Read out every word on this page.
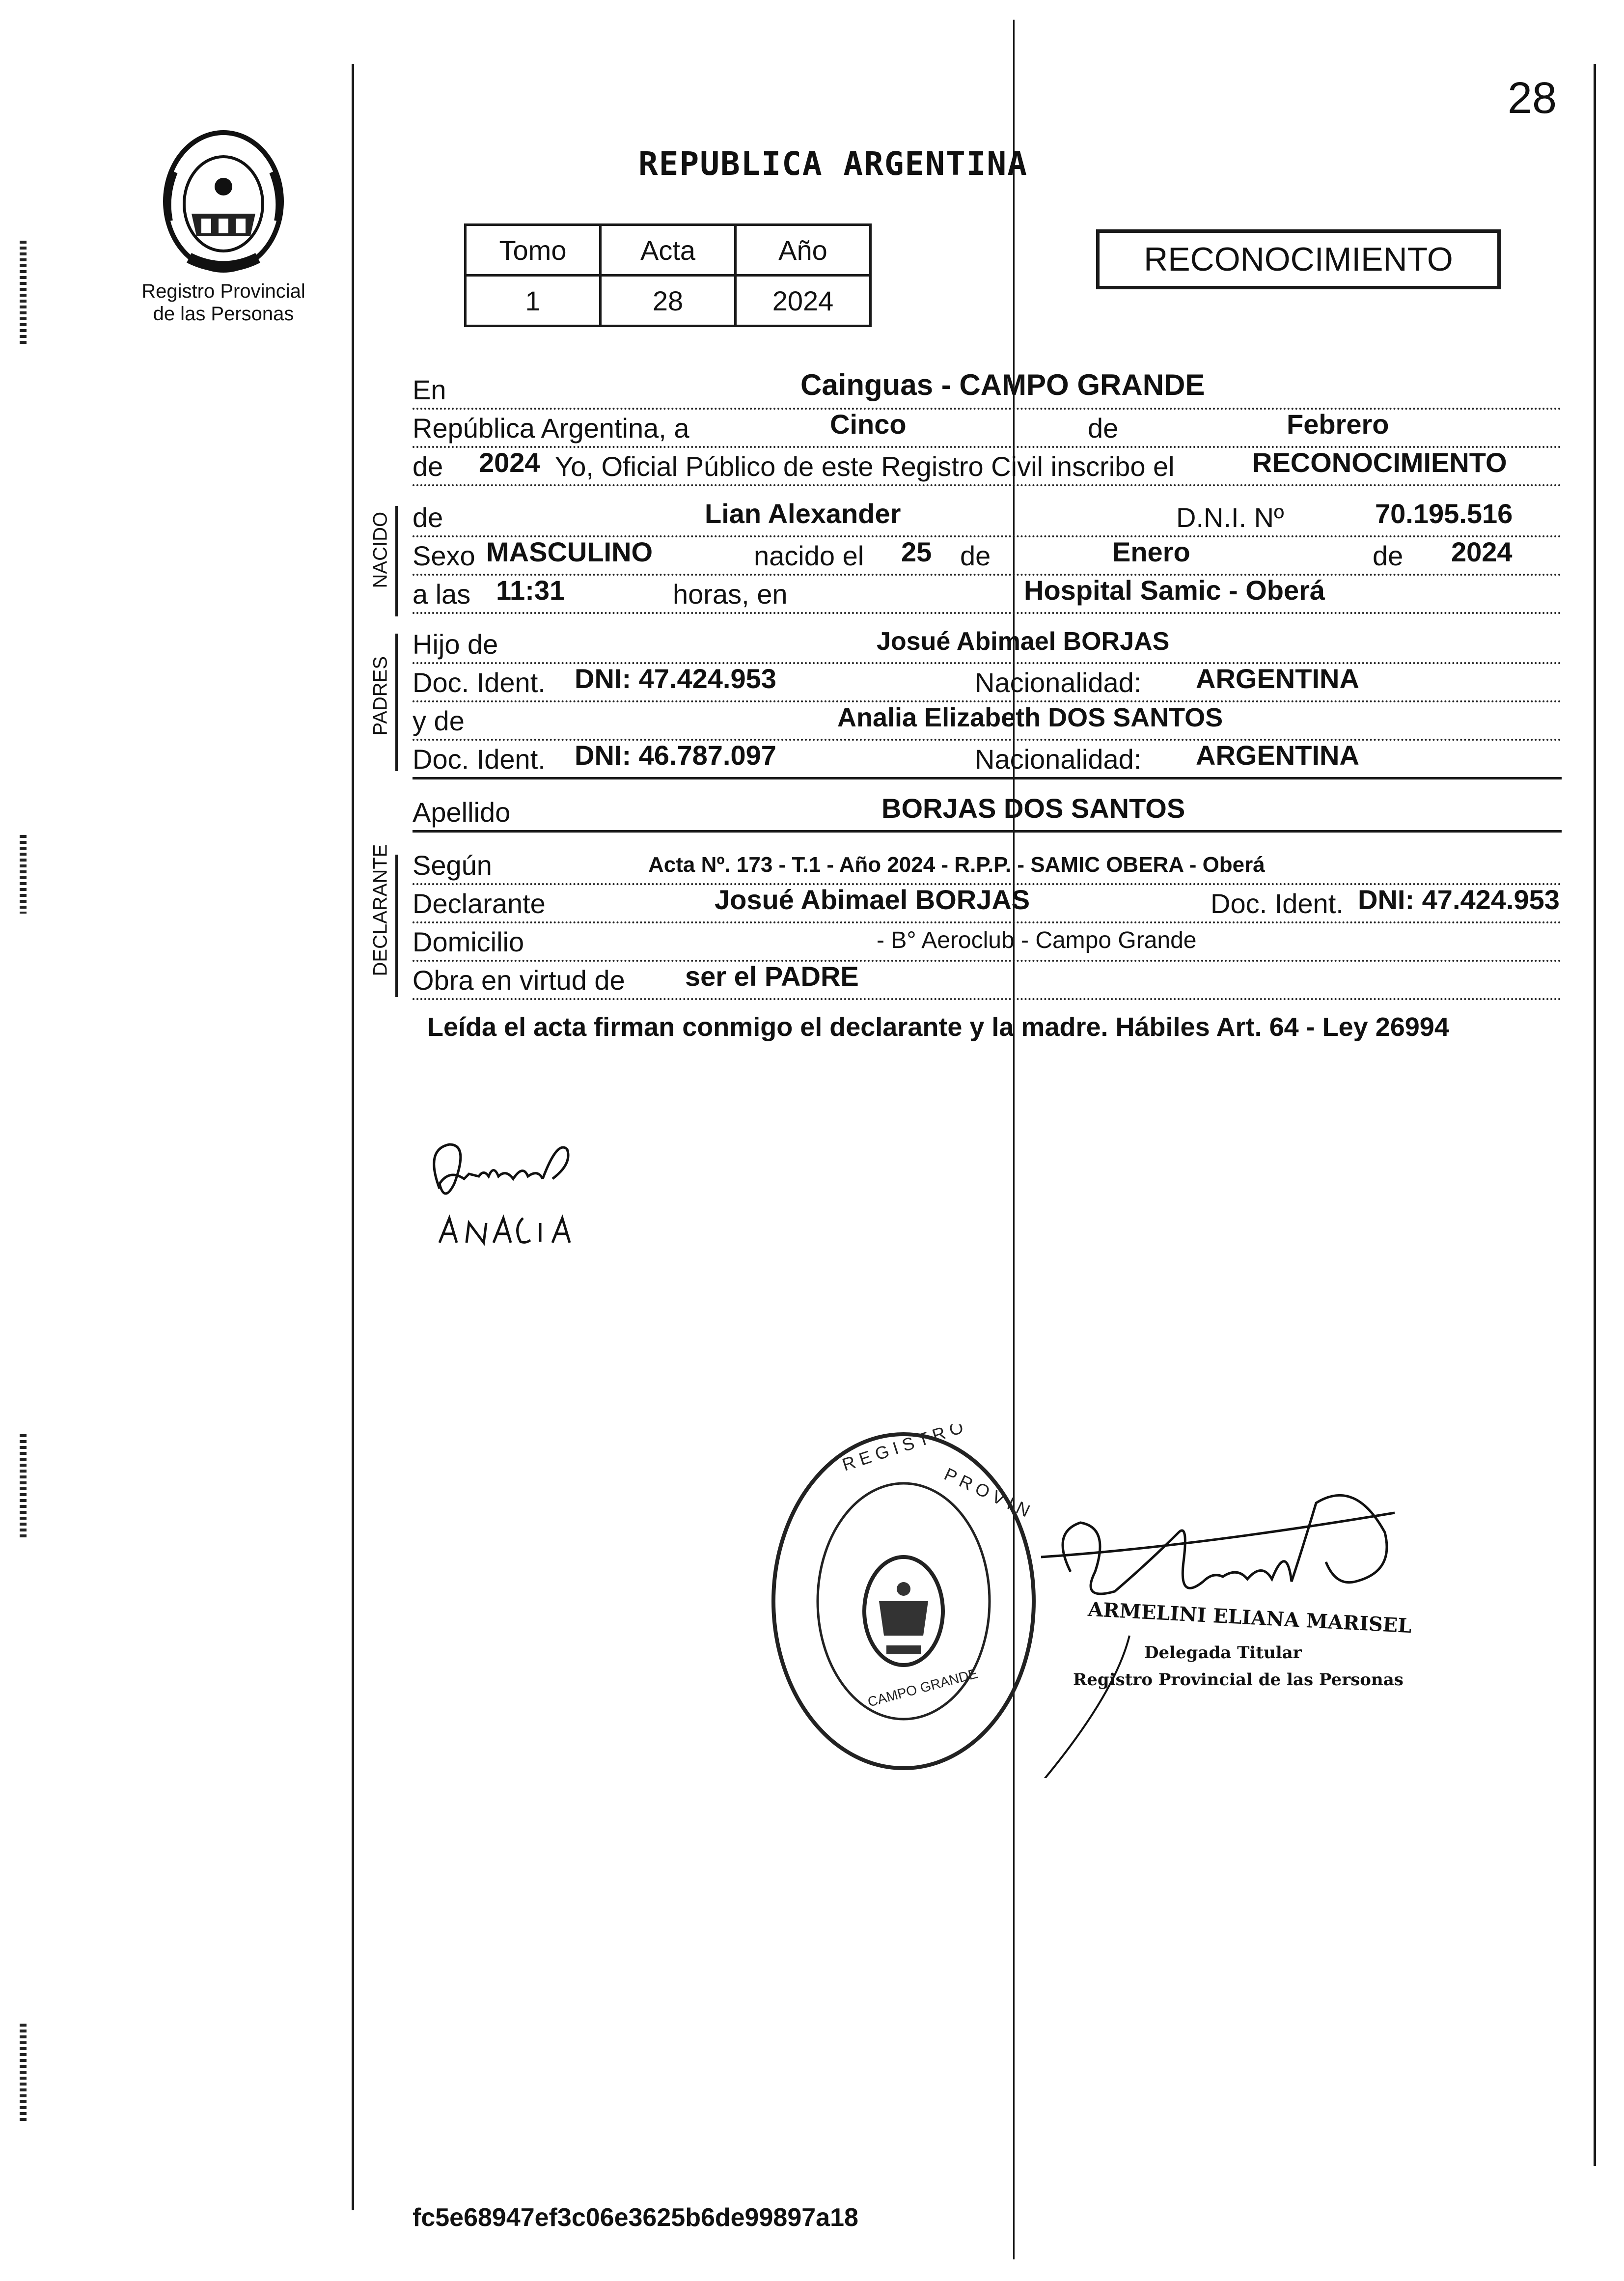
28
Registro Provincial
de las Personas
REPUBLICA ARGENTINA
Tomo	Acta	Año
1	28	2024
RECONOCIMIENTO
En	Cainguas - CAMPO GRANDE
República Argentina, a	Cinco	de	Febrero
de 2024 Yo, Oficial Público de este Registro Civil inscribo el	RECONOCIMIENTO
NACIDO de	Lian Alexander	D.N.I. Nº	70.195.516
Sexo MASCULINO	nacido el 25 de	Enero	de 2024
a las 11:31	horas, en	Hospital Samic - Oberá
PADRES
Hijo de	Josué Abimael BORJAS
Doc. Ident. DNI: 47.424.953	Nacionalidad: ARGENTINA
y de	Analia Elizabeth DOS SANTOS
Doc. Ident. DNI: 46.787.097	Nacionalidad: ARGENTINA
Apellido	BORJAS DOS SANTOS
DECLARANTE Según	Acta Nº. 173 - T.1 - Año 2024 - R.P.P. - SAMIC OBERA - Oberá
Declarante	Josué Abimael BORJAS	Doc. Ident. DNI: 47.424.953
Domicilio	- B° Aeroclub - Campo Grande
Obra en virtud de ser el PADRE
Leída el acta firman conmigo el declarante y la madre. Hábiles Art. 64 - Ley 26994
R E G I S T R O
P R O V I N
CAMPO GRANDE
ARMELINI ELIANA MARISEL
Delegada Titular
Registro Provincial de las Personas
fc5e68947ef3c06e3625b6de99897a18
